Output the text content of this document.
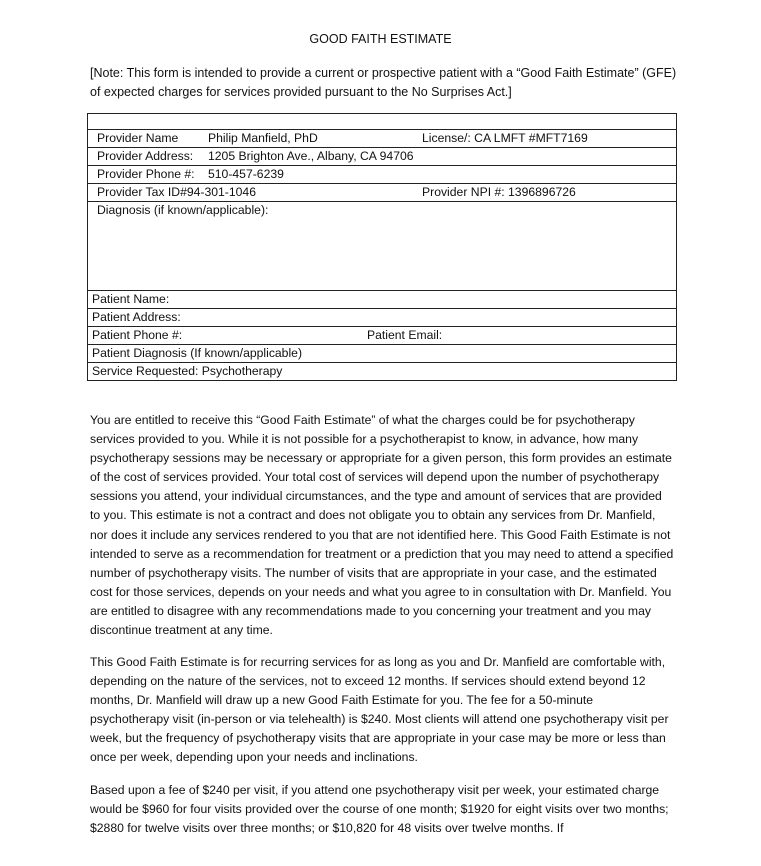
GOOD FAITH ESTIMATE
[Note: This form is intended to provide a current or prospective patient with a “Good Faith Estimate” (GFE) of expected charges for services provided pursuant to the No Surprises Act.]
Provider Name Philip Manfield, PhD	License/: CA LMFT #MFT7169
Provider Address: 1205 Brighton Ave., Albany, CA 94706
Provider Phone #: 510-457-6239
Provider Tax ID#94-301-1046	Provider NPI #: 1396896726
Diagnosis (if known/applicable):
Patient Name:
Patient Address:
Patient Phone #:	Patient Email:
Patient Diagnosis (If known/applicable)
Service Requested: Psychotherapy

You are entitled to receive this “Good Faith Estimate” of what the charges could be for psychotherapy services provided to you. While it is not possible for a psychotherapist to know, in advance, how many psychotherapy sessions may be necessary or appropriate for a given person, this form provides an estimate of the cost of services provided. Your total cost of services will depend upon the number of psychotherapy sessions you attend, your individual circumstances, and the type and amount of services that are provided to you. This estimate is not a contract and does not obligate you to obtain any services from Dr. Manfield, nor does it include any services rendered to you that are not identified here. This Good Faith Estimate is not intended to serve as a recommendation for treatment or a prediction that you may need to attend a specified number of psychotherapy visits. The number of visits that are appropriate in your case, and the estimated cost for those services, depends on your needs and what you agree to in consultation with Dr. Manfield. You are entitled to disagree with any recommendations made to you concerning your treatment and you may discontinue treatment at any time.

This Good Faith Estimate is for recurring services for as long as you and Dr. Manfield are comfortable with, depending on the nature of the services, not to exceed 12 months. If services should extend beyond 12 months, Dr. Manfield will draw up a new Good Faith Estimate for you. The fee for a 50-minute psychotherapy visit (in-person or via telehealth) is $240. Most clients will attend one psychotherapy visit per week, but the frequency of psychotherapy visits that are appropriate in your case may be more or less than once per week, depending upon your needs and inclinations.

Based upon a fee of $240 per visit, if you attend one psychotherapy visit per week, your estimated charge would be $960 for four visits provided over the course of one month; $1920 for eight visits over two months; $2880 for twelve visits over three months; or $10,820 for 48 visits over twelve months. If
